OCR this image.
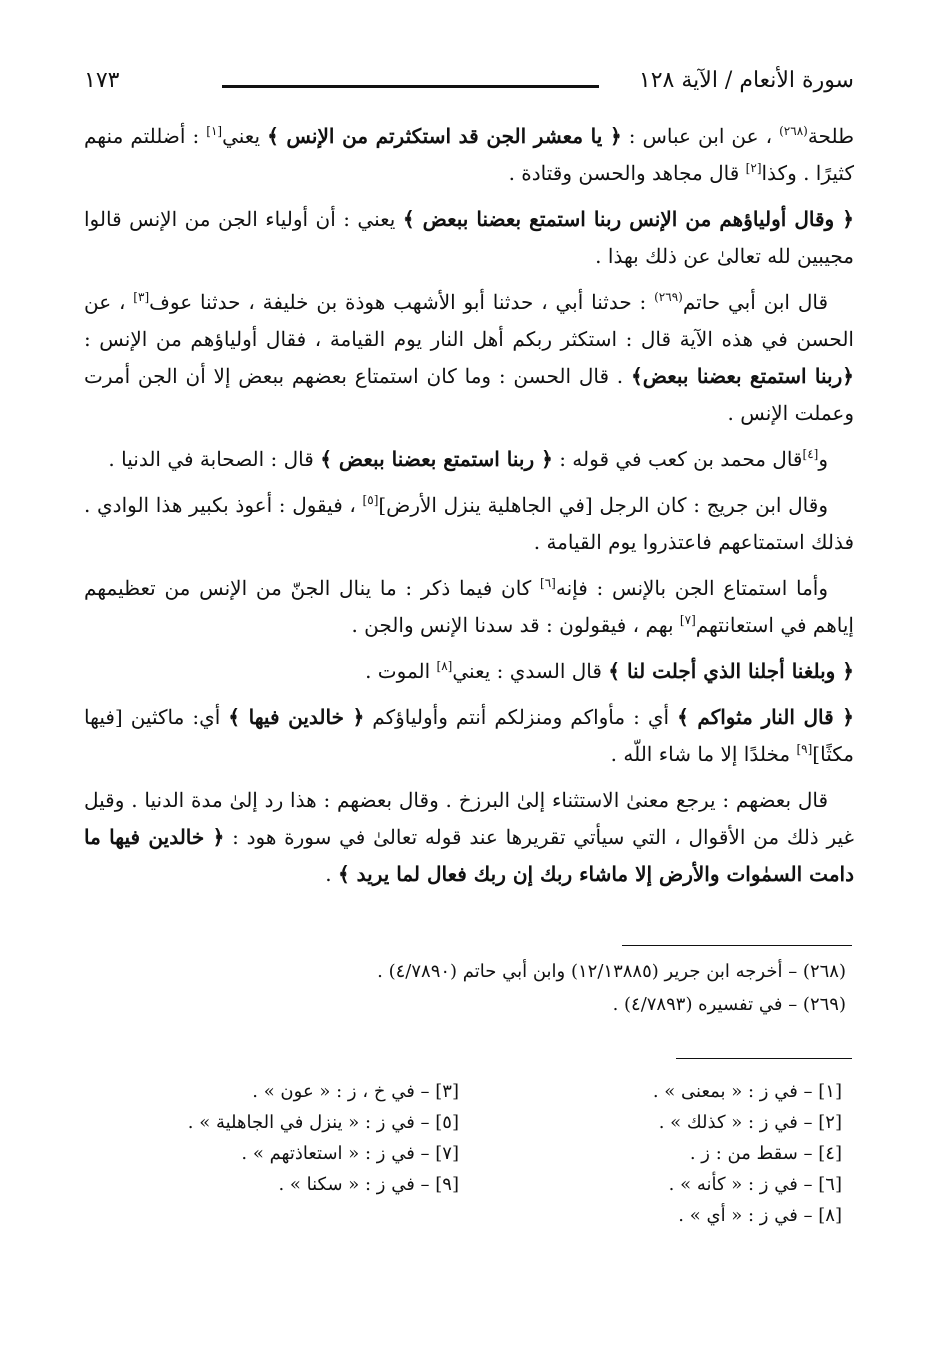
سورة الأنعام / الآية ١٢٨
١٧٣

طلحة$^{(٢٦٨)}$ ، عن ابن عباس : ﴿ يا معشر الجن قد استكثرتم من الإنس ﴾ يعني[١] : أضللتم منهم كثيرًا . وكذا[٢] قال مجاهد والحسن وقتادة .

﴿ وقال أولياؤهم من الإنس ربنا استمتع بعضنا ببعض ﴾ يعني : أن أولياء الجن من الإنس قالوا مجيبين لله تعالىٰ عن ذلك بهذا .

قال ابن أبي حاتم$^{(٢٦٩)}$ : حدثنا أبي ، حدثنا أبو الأشهب هوذة بن خليفة ، حدثنا عوف[٣] ، عن الحسن في هذه الآية قال : استكثر ربكم أهل النار يوم القيامة ، فقال أولياؤهم من الإنس : ﴿ربنا استمتع بعضنا ببعض﴾ . قال الحسن : وما كان استمتاع بعضهم ببعض إلا أن الجن أمرت وعملت الإنس .

و[٤]قال محمد بن كعب في قوله : ﴿ ربنا استمتع بعضنا ببعض ﴾ قال : الصحابة في الدنيا .

وقال ابن جريج : كان الرجل [في الجاهلية ينزل الأرض][٥] ، فيقول : أعوذ بكبير هذا الوادي . فذلك استمتاعهم فاعتذروا يوم القيامة .

وأما استمتاع الجن بالإنس : فإنه[٦] كان فيما ذكر : ما ينال الجنّ من الإنس من تعظيمهم إياهم في استعانتهم[٧] بهم ، فيقولون : قد سدنا الإنس والجن .

﴿ وبلغنا أجلنا الذي أجلت لنا ﴾ قال السدي : يعني[٨] الموت .

﴿ قال النار مثواكم ﴾ أي : مأواكم ومنزلكم أنتم وأولياؤكم ﴿ خالدين فيها ﴾ أي: ماكثين [فيها مكثًا][٩] مخلدًا إلا ما شاء اللّه .

قال بعضهم : يرجع معنىٰ الاستثناء إلىٰ البرزخ . وقال بعضهم : هذا رد إلىٰ مدة الدنيا . وقيل غير ذلك من الأقوال ، التي سيأتي تقريرها عند قوله تعالىٰ في سورة هود : ﴿ خالدين فيها ما دامت السمٰوات والأرض إلا ماشاء ربك إن ربك فعال لما يريد ﴾ .

(٢٦٨) – أخرجه ابن جرير (١٢/١٣٨٨٥) وابن أبي حاتم (٤/٧٨٩٠) .
(٢٦٩) – في تفسيره (٤/٧٨٩٣) .
[١] – في ز : « بمعنى » .
[٢] – في ز : « كذلك » .
[٤] – سقط من : ز .
[٦] – في ز : « كأنه » .
[٨] – في ز : « أي » .
[٣] – في خ ، ز : « عون » .
[٥] – في ز : « ينزل في الجاهلية » .
[٧] – في ز : « استعاذتهم » .
[٩] – في ز : « سكنا » .
